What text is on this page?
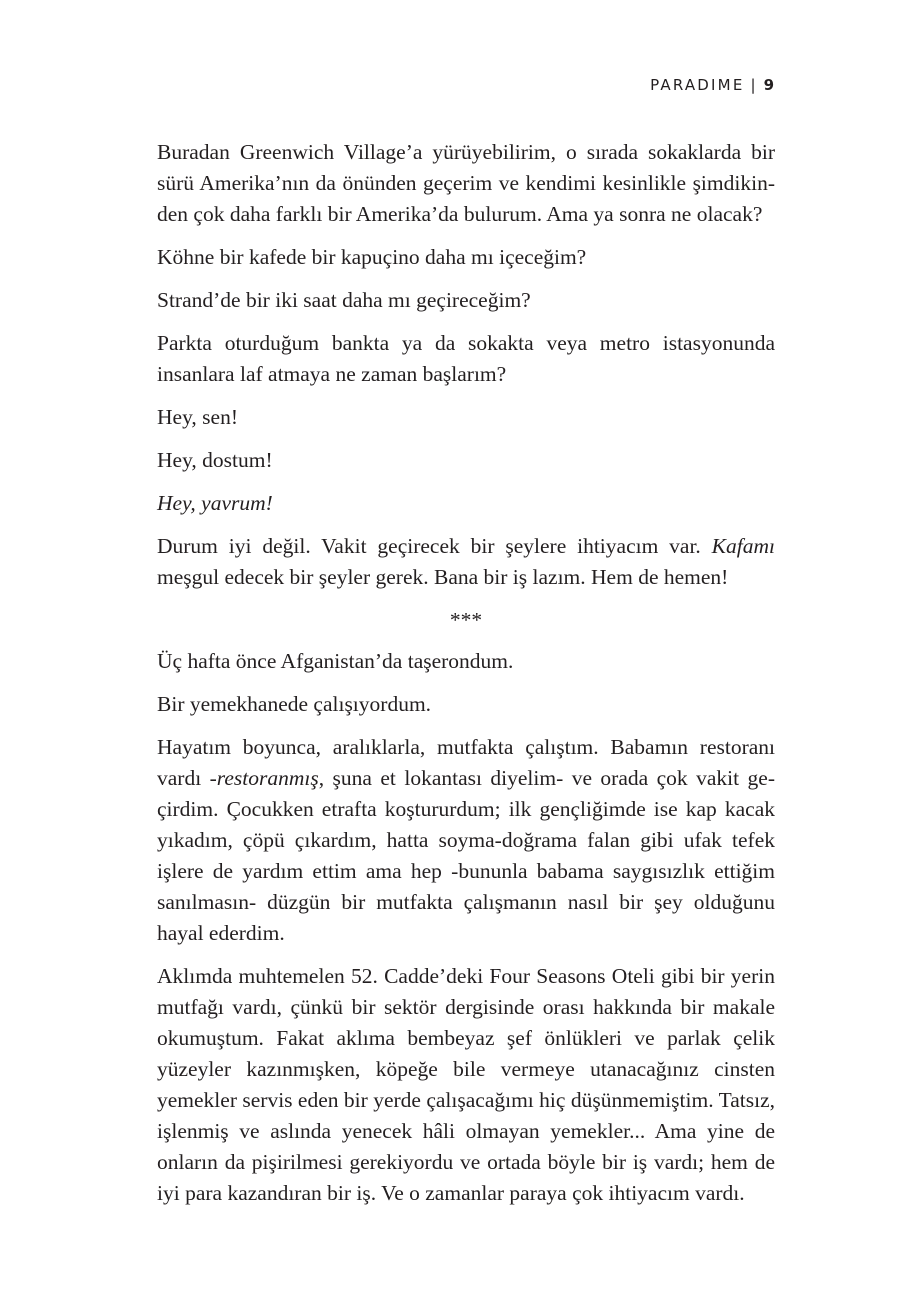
PARADIME | 9

Buradan Greenwich Village’a yürüyebilirim, o sırada sokaklarda bir sürü Amerika’nın da önünden geçerim ve kendimi kesinlikle şimdikinden çok daha farklı bir Amerika’da bulurum. Ama ya sonra ne olacak?

Köhne bir kafede bir kapuçino daha mı içeceğim?

Strand’de bir iki saat daha mı geçireceğim?

Parkta oturduğum bankta ya da sokakta veya metro istasyonunda insanlara laf atmaya ne zaman başlarım?

Hey, sen!

Hey, dostum!

Hey, yavrum!

Durum iyi değil. Vakit geçirecek bir şeylere ihtiyacım var. Kafamı meşgul edecek bir şeyler gerek. Bana bir iş lazım. Hem de hemen!

***

Üç hafta önce Afganistan’da taşerondum.

Bir yemekhanede çalışıyordum.

Hayatım boyunca, aralıklarla, mutfakta çalıştım. Babamın restoranı vardı -restoranmış, şuna et lokantası diyelim- ve orada çok vakit geçirdim. Çocukken etrafta koştururdum; ilk gençliğimde ise kap kacak yıkadım, çöpü çıkardım, hatta soyma-doğrama falan gibi ufak tefek işlere de yardım ettim ama hep -bununla babama saygısızlık ettiğim sanılmasın- düzgün bir mutfakta çalışmanın nasıl bir şey olduğunu hayal ederdim.

Aklımda muhtemelen 52. Cadde’deki Four Seasons Oteli gibi bir yerin mutfağı vardı, çünkü bir sektör dergisinde orası hakkında bir makale okumuştum. Fakat aklıma bembeyaz şef önlükleri ve parlak çelik yüzeyler kazınmışken, köpeğe bile vermeye utanacağınız cinsten yemekler servis eden bir yerde çalışacağımı hiç düşünmemiştim. Tatsız, işlenmiş ve aslında yenecek hâli olmayan yemekler... Ama yine de onların da pişirilmesi gerekiyordu ve ortada böyle bir iş vardı; hem de iyi para kazandıran bir iş. Ve o zamanlar paraya çok ihtiyacım vardı.
